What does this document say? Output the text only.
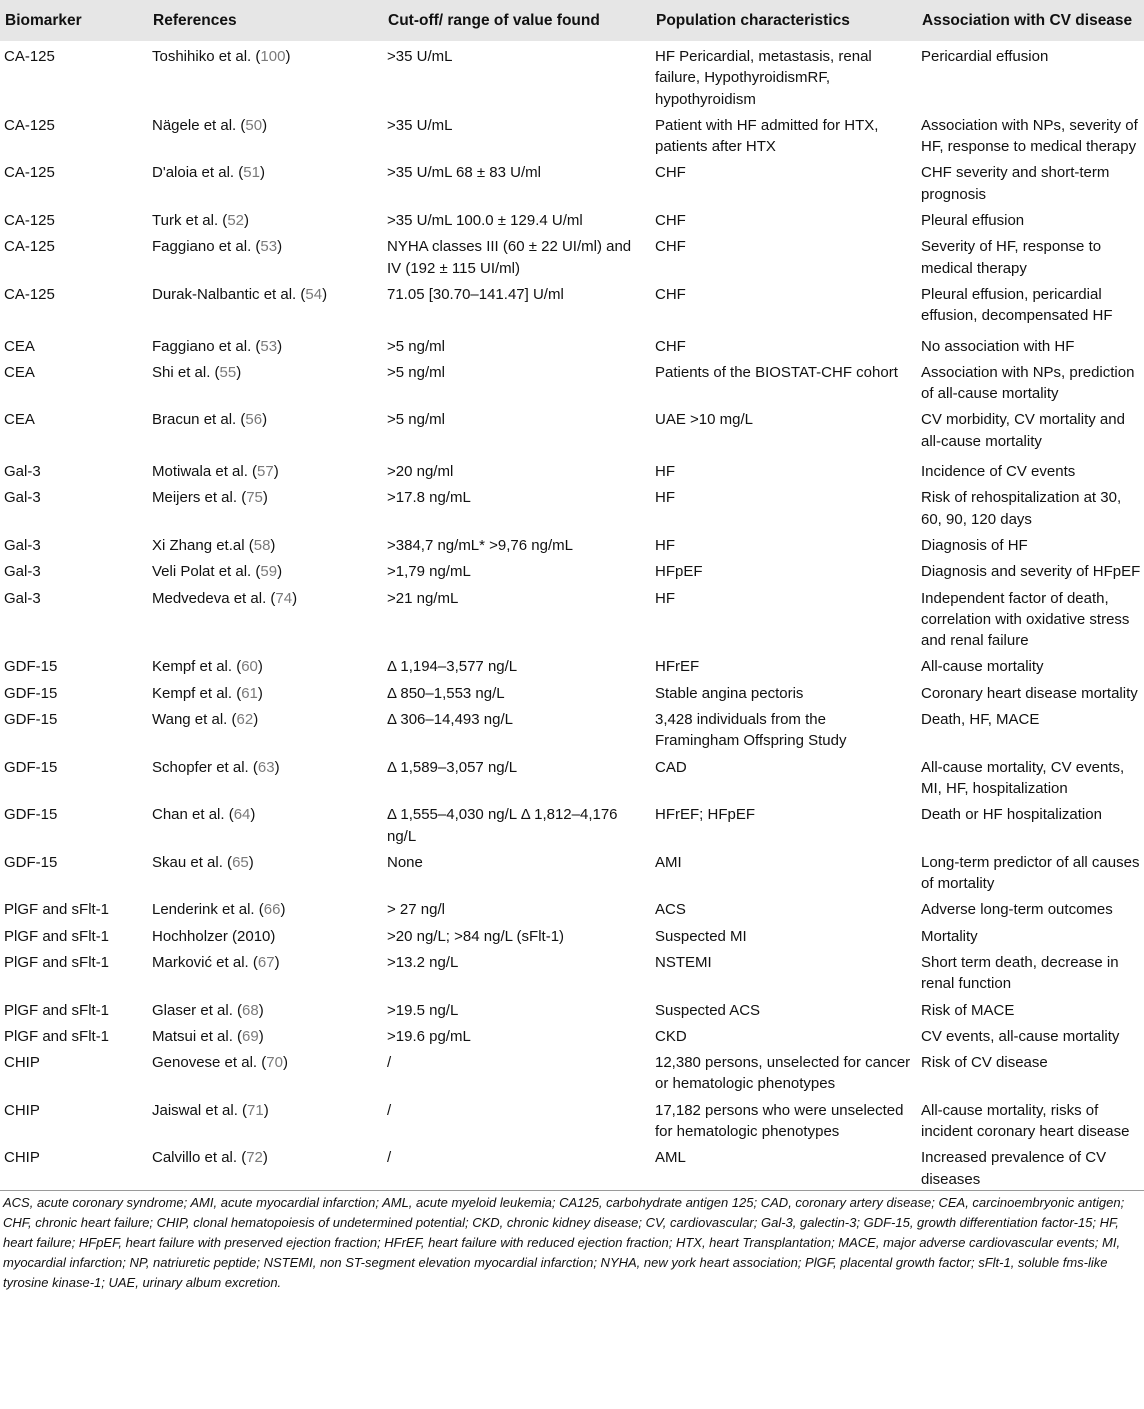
Biomarker	References	Cut-off/ range of value found	Population characteristics	Association with CV disease
CA-125	Toshihiko et al. (100)	>35 U/mL	HF Pericardial, metastasis, renal failure, HypothyroidismRF, hypothyroidism	Pericardial effusion
CA-125	Nägele et al. (50)	>35 U/mL	Patient with HF admitted for HTX, patients after HTX	Association with NPs, severity of HF, response to medical therapy
CA-125	D'aloia et al. (51)	>35 U/mL 68 ± 83 U/ml	CHF	CHF severity and short-term prognosis
CA-125	Turk et al. (52)	>35 U/mL 100.0 ± 129.4 U/ml	CHF	Pleural effusion
CA-125	Faggiano et al. (53)	NYHA classes III (60 ± 22 UI/ml) and IV (192 ± 115 UI/ml)	CHF	Severity of HF, response to medical therapy
CA-125	Durak-Nalbantic et al. (54)	71.05 [30.70–141.47] U/ml	CHF	Pleural effusion, pericardial effusion, decompensated HF
CEA	Faggiano et al. (53)	>5 ng/ml	CHF	No association with HF
CEA	Shi et al. (55)	>5 ng/ml	Patients of the BIOSTAT-CHF cohort	Association with NPs, prediction of all-cause mortality
CEA	Bracun et al. (56)	>5 ng/ml	UAE >10 mg/L	CV morbidity, CV mortality and all-cause mortality
Gal-3	Motiwala et al. (57)	>20 ng/ml	HF	Incidence of CV events
Gal-3	Meijers et al. (75)	>17.8 ng/mL	HF	Risk of rehospitalization at 30, 60, 90, 120 days
Gal-3	Xi Zhang et.al (58)	>384,7 ng/mL* >9,76 ng/mL	HF	Diagnosis of HF
Gal-3	Veli Polat et al. (59)	>1,79 ng/mL	HFpEF	Diagnosis and severity of HFpEF
Gal-3	Medvedeva et al. (74)	>21 ng/mL	HF	Independent factor of death, correlation with oxidative stress and renal failure
GDF-15	Kempf et al. (60)	Δ 1,194–3,577 ng/L	HFrEF	All-cause mortality
GDF-15	Kempf et al. (61)	Δ 850–1,553 ng/L	Stable angina pectoris	Coronary heart disease mortality
GDF-15	Wang et al. (62)	Δ 306–14,493 ng/L	3,428 individuals from the Framingham Offspring Study	Death, HF, MACE
GDF-15	Schopfer et al. (63)	Δ 1,589–3,057 ng/L	CAD	All-cause mortality, CV events, MI, HF, hospitalization
GDF-15	Chan et al. (64)	Δ 1,555–4,030 ng/L Δ 1,812–4,176 ng/L	HFrEF; HFpEF	Death or HF hospitalization
GDF-15	Skau et al. (65)	None	AMI	Long-term predictor of all causes of mortality
PlGF and sFlt-1	Lenderink et al. (66)	> 27 ng/l	ACS	Adverse long-term outcomes
PlGF and sFlt-1	Hochholzer (2010)	>20 ng/L; >84 ng/L (sFlt-1)	Suspected MI	Mortality
PlGF and sFlt-1	Marković et al. (67)	>13.2 ng/L	NSTEMI	Short term death, decrease in renal function
PlGF and sFlt-1	Glaser et al. (68)	>19.5 ng/L	Suspected ACS	Risk of MACE
PlGF and sFlt-1	Matsui et al. (69)	>19.6 pg/mL	CKD	CV events, all-cause mortality
CHIP	Genovese et al. (70)	/	12,380 persons, unselected for cancer or hematologic phenotypes	Risk of CV disease
CHIP	Jaiswal et al. (71)	/	17,182 persons who were unselected for hematologic phenotypes	All-cause mortality, risks of incident coronary heart disease
CHIP	Calvillo et al. (72)	/	AML	Increased prevalence of CV diseases
ACS, acute coronary syndrome; AMI, acute myocardial infarction; AML, acute myeloid leukemia; CA125, carbohydrate antigen 125; CAD, coronary artery disease; CEA, carcinoembryonic antigen; CHF, chronic heart failure; CHIP, clonal hematopoiesis of undetermined potential; CKD, chronic kidney disease; CV, cardiovascular; Gal-3, galectin-3; GDF-15, growth differentiation factor-15; HF, heart failure; HFpEF, heart failure with preserved ejection fraction; HFrEF, heart failure with reduced ejection fraction; HTX, heart Transplantation; MACE, major adverse cardiovascular events; MI, myocardial infarction; NP, natriuretic peptide; NSTEMI, non ST-segment elevation myocardial infarction; NYHA, new york heart association; PlGF, placental growth factor; sFlt-1, soluble fms-like tyrosine kinase-1; UAE, urinary album excretion.
